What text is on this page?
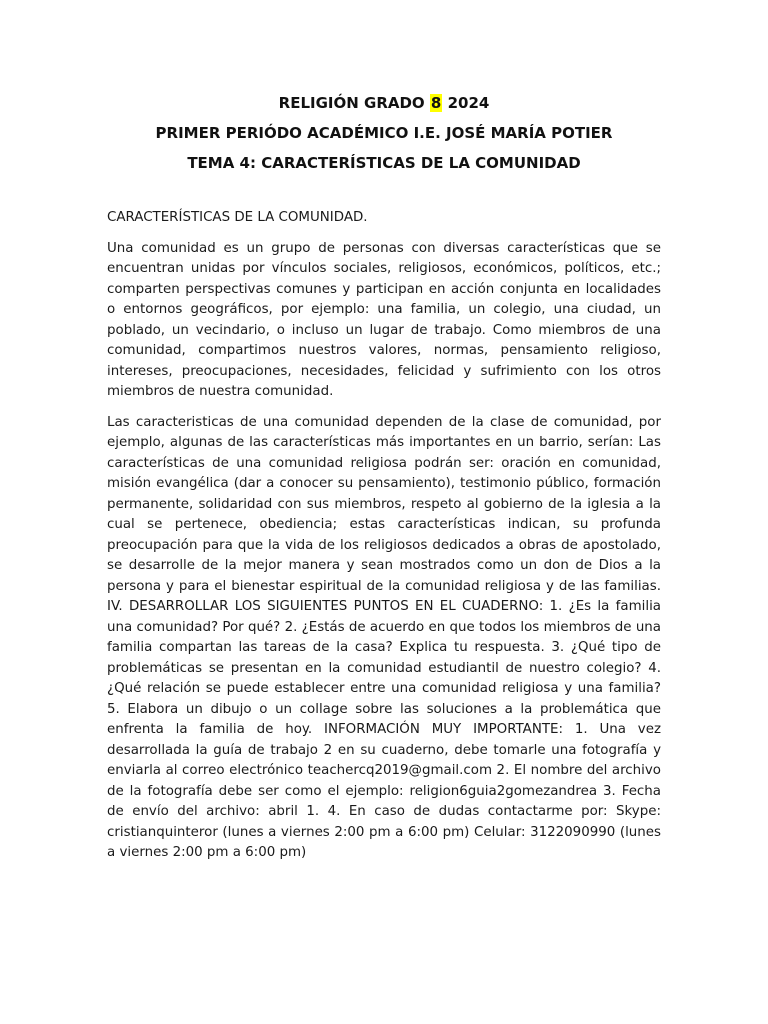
RELIGIÓN GRADO 8 2024
PRIMER PERIÓDO ACADÉMICO I.E. JOSÉ MARÍA POTIER
TEMA 4: CARACTERÍSTICAS DE LA COMUNIDAD

CARACTERÍSTICAS DE LA COMUNIDAD.

Una comunidad es un grupo de personas con diversas características que se encuentran unidas por vínculos sociales, religiosos, económicos, políticos, etc.; comparten perspectivas comunes y participan en acción conjunta en localidades o entornos geográficos, por ejemplo: una familia, un colegio, una ciudad, un poblado, un vecindario, o incluso un lugar de trabajo. Como miembros de una comunidad, compartimos nuestros valores, normas, pensamiento religioso, intereses, preocupaciones, necesidades, felicidad y sufrimiento con los otros miembros de nuestra comunidad.

Las caracteristicas de una comunidad dependen de la clase de comunidad, por ejemplo, algunas de las características más importantes en un barrio, serían: Las características de una comunidad religiosa podrán ser: oración en comunidad, misión evangélica (dar a conocer su pensamiento), testimonio público, formación permanente, solidaridad con sus miembros, respeto al gobierno de la iglesia a la cual se pertenece, obediencia; estas características indican, su profunda preocupación para que la vida de los religiosos dedicados a obras de apostolado, se desarrolle de la mejor manera y sean mostrados como un don de Dios a la persona y para el bienestar espiritual de la comunidad religiosa y de las familias. IV. DESARROLLAR LOS SIGUIENTES PUNTOS EN EL CUADERNO: 1. ¿Es la familia una comunidad? Por qué? 2. ¿Estás de acuerdo en que todos los miembros de una familia compartan las tareas de la casa? Explica tu respuesta. 3. ¿Qué tipo de problemáticas se presentan en la comunidad estudiantil de nuestro colegio? 4. ¿Qué relación se puede establecer entre una comunidad religiosa y una familia? 5. Elabora un dibujo o un collage sobre las soluciones a la problemática que enfrenta la familia de hoy. INFORMACIÓN MUY IMPORTANTE: 1. Una vez desarrollada la guía de trabajo 2 en su cuaderno, debe tomarle una fotografía y enviarla al correo electrónico teachercq2019@gmail.com 2. El nombre del archivo de la fotografía debe ser como el ejemplo: religion6guia2gomezandrea 3. Fecha de envío del archivo: abril 1. 4. En caso de dudas contactarme por: Skype: cristianquinteror (lunes a viernes 2:00 pm a 6:00 pm) Celular: 3122090990 (lunes a viernes 2:00 pm a 6:00 pm)
